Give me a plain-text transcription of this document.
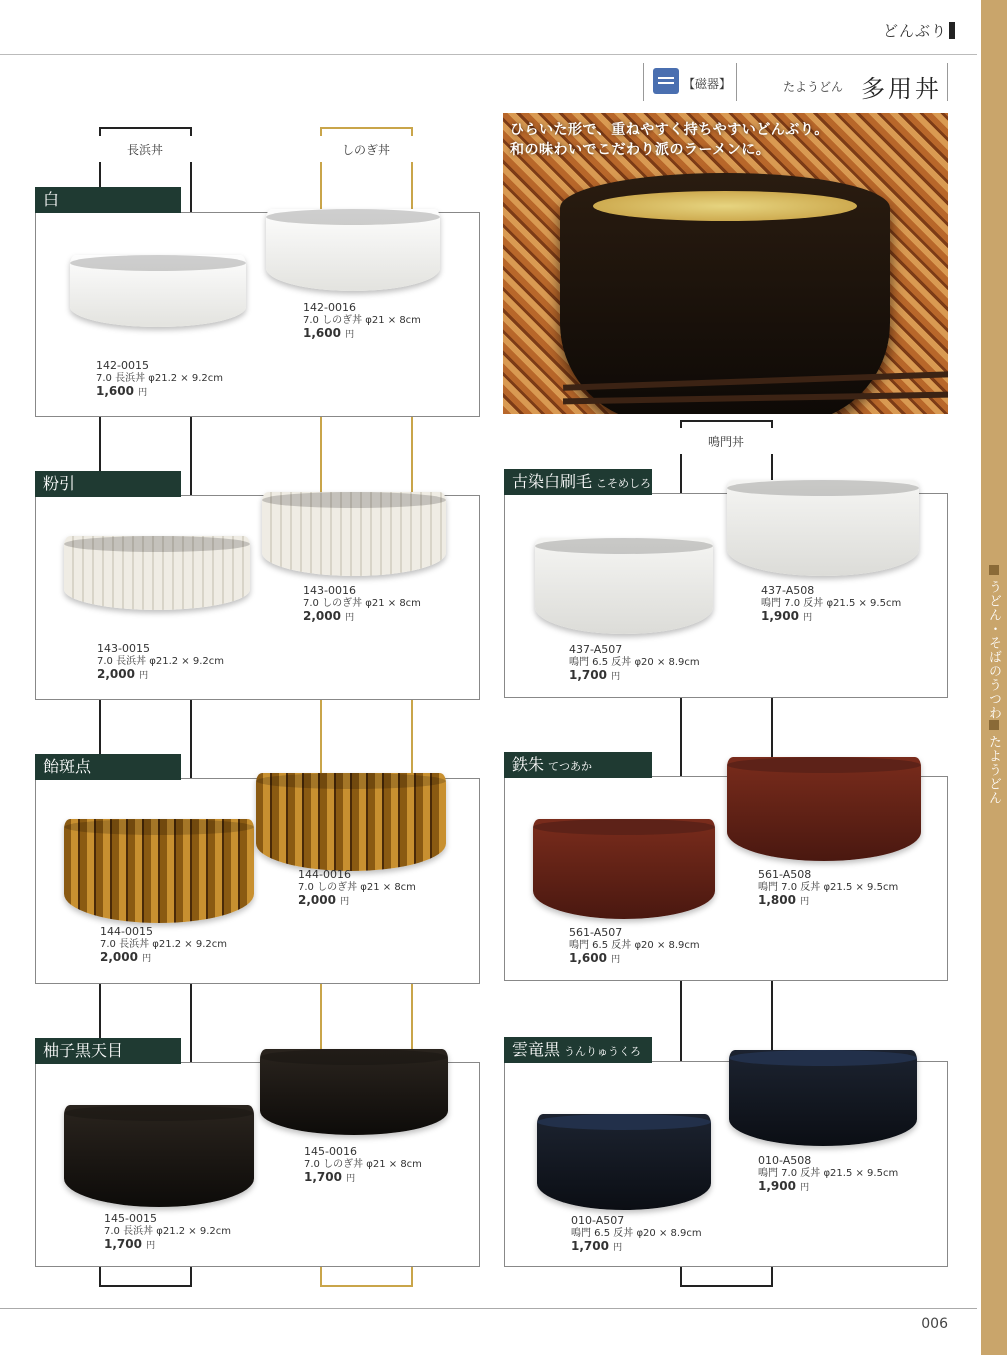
どんぶり
うどん・そばのうつわ
たようどん
【磁器】	たようどん 多用丼
ひらいた形で、重ねやすく持ちやすいどんぶり。
和の味わいでこだわり派のラーメンに。
長浜丼	しのぎ丼
鳴門丼
142-0015
7.0 長浜丼 φ21.2 × 9.2cm
1,600 円
142-0016
7.0 しのぎ丼 φ21 × 8cm
1,600 円
白
143-0015
7.0 長浜丼 φ21.2 × 9.2cm
2,000 円
143-0016
7.0 しのぎ丼 φ21 × 8cm
2,000 円
粉引
144-0015
7.0 長浜丼 φ21.2 × 9.2cm
2,000 円
144-0016
7.0 しのぎ丼 φ21 × 8cm
2,000 円
飴斑点
145-0015
7.0 長浜丼 φ21.2 × 9.2cm
1,700 円
145-0016
7.0 しのぎ丼 φ21 × 8cm
1,700 円
柚子黒天目
437-A507
鳴門 6.5 反丼 φ20 × 8.9cm
1,700 円
437-A508
鳴門 7.0 反丼 φ21.5 × 9.5cm
1,900 円
古染白刷毛 こそめしろはけ
561-A507
鳴門 6.5 反丼 φ20 × 8.9cm
1,600 円
561-A508
鳴門 7.0 反丼 φ21.5 × 9.5cm
1,800 円
鉄朱 てつあか
010-A507
鳴門 6.5 反丼 φ20 × 8.9cm
1,700 円
010-A508
鳴門 7.0 反丼 φ21.5 × 9.5cm
1,900 円
雲竜黒 うんりゅうくろ
006
